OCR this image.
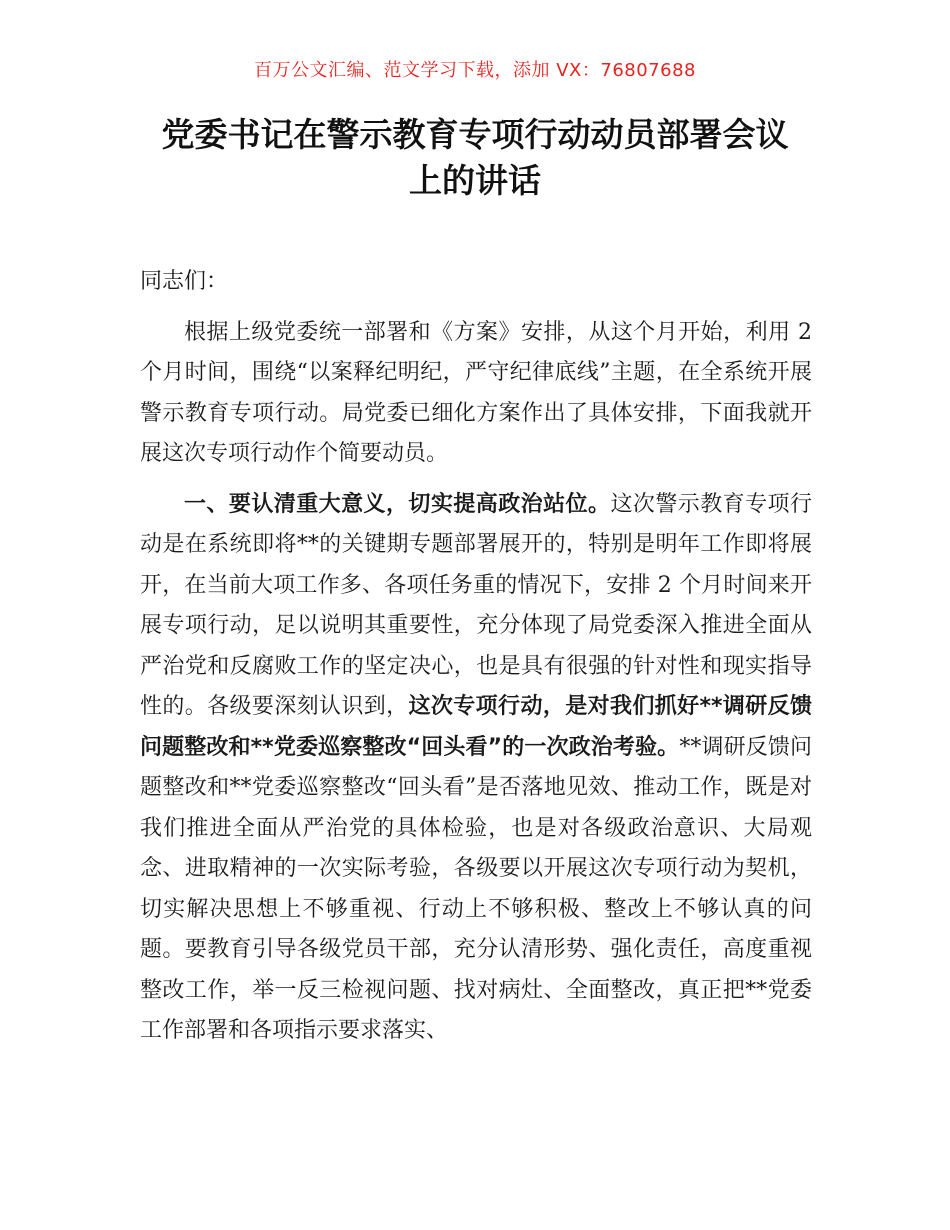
百万公文汇编、范文学习下载，添加 VX：76807688
党委书记在警示教育专项行动动员部署会议
上的讲话

同志们：

根据上级党委统一部署和《方案》安排，从这个月开始，利用 2 个月时间，围绕“以案释纪明纪，严守纪律底线”主题，在全系统开展警示教育专项行动。局党委已细化方案作出了具体安排，下面我就开展这次专项行动作个简要动员。

一、要认清重大意义，切实提高政治站位。这次警示教育专项行动是在系统即将**的关键期专题部署展开的，特别是明年工作即将展开，在当前大项工作多、各项任务重的情况下，安排 2 个月时间来开展专项行动，足以说明其重要性，充分体现了局党委深入推进全面从严治党和反腐败工作的坚定决心，也是具有很强的针对性和现实指导性的。各级要深刻认识到，这次专项行动，是对我们抓好**调研反馈问题整改和**党委巡察整改“回头看”的一次政治考验。**调研反馈问题整改和**党委巡察整改“回头看”是否落地见效、推动工作，既是对我们推进全面从严治党的具体检验，也是对各级政治意识、大局观念、进取精神的一次实际考验，各级要以开展这次专项行动为契机，切实解决思想上不够重视、行动上不够积极、整改上不够认真的问题。要教育引导各级党员干部，充分认清形势、强化责任，高度重视整改工作，举一反三检视问题、找对病灶、全面整改，真正把**党委工作部署和各项指示要求落实、
